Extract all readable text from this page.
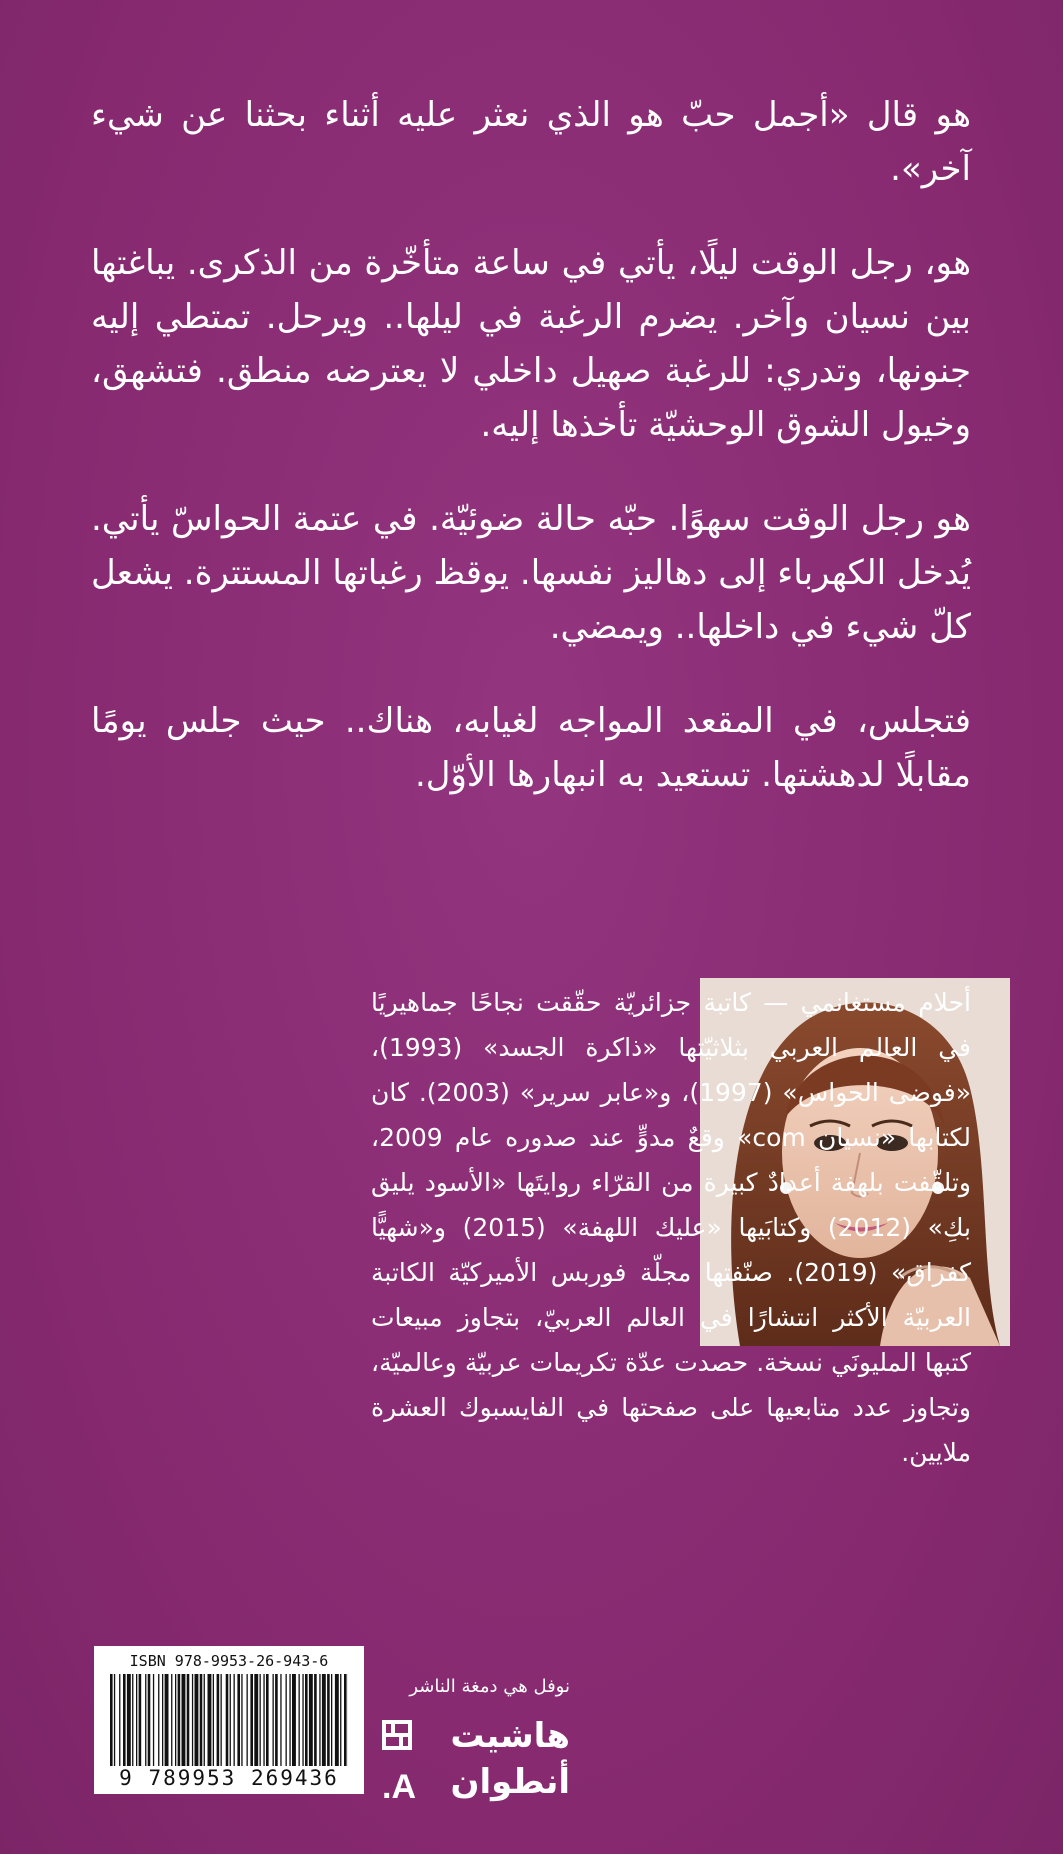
هو قال «أجمل حبّ هو الذي نعثر عليه أثناء بحثنا عن شيء آخر».

هو، رجل الوقت ليلًا، يأتي في ساعة متأخّرة من الذكرى. يباغتها بين نسيان وآخر. يضرم الرغبة في ليلها.. ويرحل. تمتطي إليه جنونها، وتدري: للرغبة صهيل داخلي لا يعترضه منطق. فتشهق، وخيول الشوق الوحشيّة تأخذها إليه.

هو رجل الوقت سهوًا. حبّه حالة ضوئيّة. في عتمة الحواسّ يأتي. يُدخل الكهرباء إلى دهاليز نفسها. يوقظ رغباتها المستترة. يشعل كلّ شيء في داخلها.. ويمضي.

فتجلس، في المقعد المواجه لغيابه، هناك.. حيث جلس يومًا مقابلًا لدهشتها. تستعيد به انبهارها الأوّل.

أحلام مستغانمي — كاتبة جزائريّة حقّقت نجاحًا جماهيريًا في العالم العربي بثلاثيّتها «ذاكرة الجسد» (1993)، «فوضى الحواس» (1997)، و«عابر سرير» (2003). كان لكتابها «نسيان com» وقعٌ مدوٍّ عند صدوره عام 2009، وتلقّفت بلهفة أعدادٌ كبيرة من القرّاء روايتَها «الأسود يليق بكِ» (2012) وكتابَيها «عليك اللهفة» (2015) و«شهيًّا كفراق» (2019). صنّفتها مجلّة فوربس الأميركيّة الكاتبة العربيّة الأكثر انتشارًا في العالم العربيّ، بتجاوز مبيعات كتبها المليونَي نسخة. حصدت عدّة تكريمات عربيّة وعالميّة، وتجاوز عدد متابعيها على صفحتها في الفايسبوك العشرة ملايين.
ISBN 978-9953-26-943-6
9 789953 269436
نوفل هي دمغة الناشر
هاشيت
أنطوان
A.
